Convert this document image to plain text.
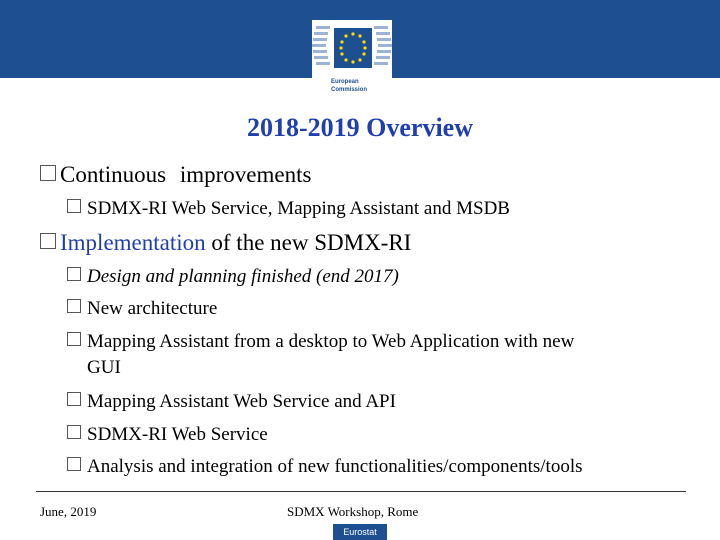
European
Commission
2018-2019 Overview
Continuous improvements
SDMX-RI Web Service, Mapping Assistant and MSDB
Implementation of the new SDMX-RI
Design and planning finished (end 2017)
New architecture
Mapping Assistant from a desktop to Web Application with new
GUI
Mapping Assistant Web Service and API
SDMX-RI Web Service
Analysis and integration of new functionalities/components/tools
June, 2019	SDMX Workshop, Rome
Eurostat
